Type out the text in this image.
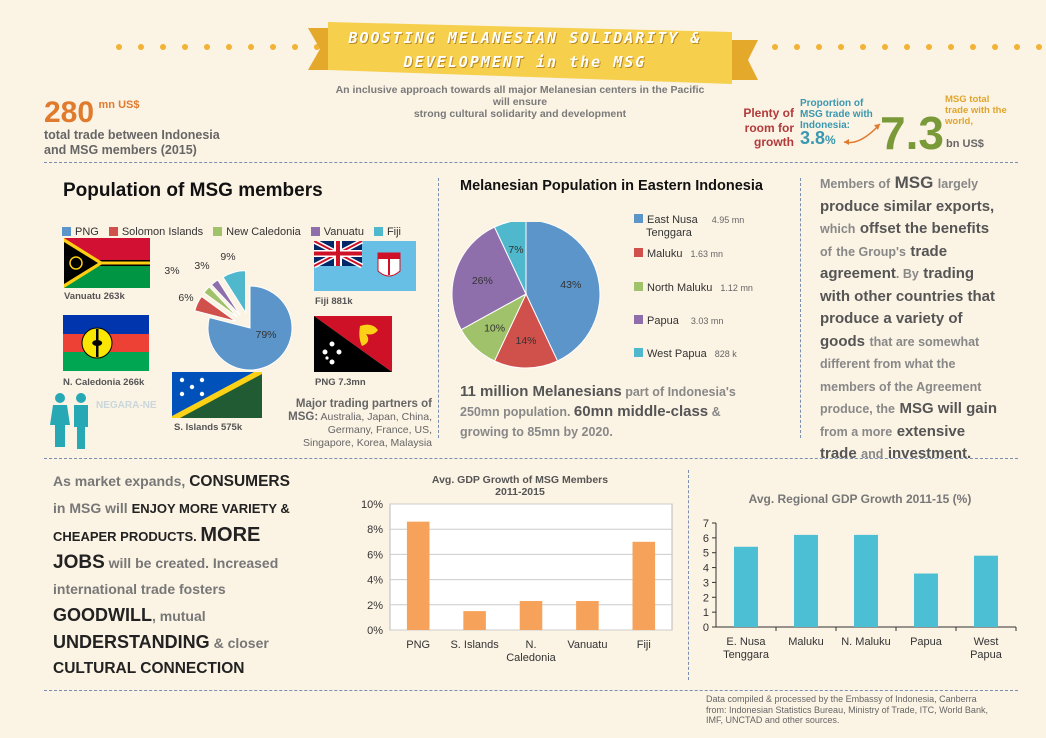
BOOSTING MELANESIAN SOLIDARITY &
DEVELOPMENT in the MSG
An inclusive approach towards all major Melanesian centers in the Pacific
will ensure
strong cultural solidarity and development
280 $^{mn US\$}$
total trade between Indonesia
and MSG members (2015)
Plenty of
room for
growth
Proportion of
MSG trade with
Indonesia:
3.8% 7.3
MSG total
trade with the
world,
bn US$
Population of MSG members
PNG Solomon Islands New Caledonia Vanuatu Fiji
Vanuatu 263k	Fiji 881k
N. Caledonia 266k	PNG 7.3mn
S. Islands 575k
NEGARA-NE
79%
6%
3% 3%
9%
Major trading partners of
MSG: Australia, Japan, China,
Germany, France, US,
Singapore, Korea, Malaysia
Melanesian Population in Eastern Indonesia
43%
14%
10%
26%
7%
East Nusa 4.95 mn
Tenggara
Maluku 1.63 mn
North Maluku 1.12 mn
Papua 3.03 mn
West Papua 828 k
11 million Melanesians part of Indonesia's
250mn population. 60mn middle-class &
growing to 85mn by 2020.
Members of MSG largely
produce similar exports,
which offset the benefits
of the Group's trade
agreement. By trading
with other countries that
produce a variety of
goods that are somewhat
different from what the
members of the Agreement
produce, the MSG will gain
from a more extensive
trade and investment.
As market expands, CONSUMERS
in MSG will ENJOY MORE VARIETY &
CHEAPER PRODUCTS. MORE
JOBS will be created. Increased
international trade fosters
GOODWILL, mutual
UNDERSTANDING & closer
CULTURAL CONNECTION
Avg. GDP Growth of MSG Members
2011-2015
0%
2%
4%
6%
8%
10%
PNG S. Islands N.
Caledonia
Vanuatu	Fiji
Avg. Regional GDP Growth 2011-15 (%)
0
1
2
3
4
5
6
7
E. Nusa
Tenggara
Maluku N. Maluku Papua	West
Papua
Data compiled & processed by the Embassy of Indonesia, Canberra
from: Indonesian Statistics Bureau, Ministry of Trade, ITC, World Bank,
IMF, UNCTAD and other sources.
